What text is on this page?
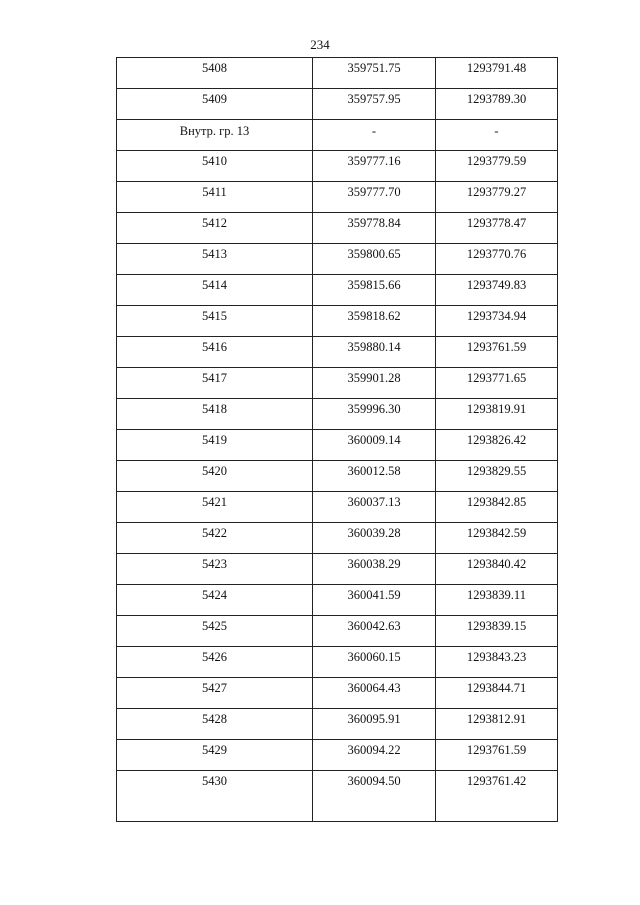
234
5408	359751.75	1293791.48

5409	359757.95	1293789.30

Внутр. гр. 13	-	-

5410	359777.16	1293779.59

5411	359777.70	1293779.27

5412	359778.84	1293778.47

5413	359800.65	1293770.76

5414	359815.66	1293749.83

5415	359818.62	1293734.94

5416	359880.14	1293761.59

5417	359901.28	1293771.65

5418	359996.30	1293819.91

5419	360009.14	1293826.42

5420	360012.58	1293829.55

5421	360037.13	1293842.85

5422	360039.28	1293842.59

5423	360038.29	1293840.42

5424	360041.59	1293839.11

5425	360042.63	1293839.15

5426	360060.15	1293843.23

5427	360064.43	1293844.71

5428	360095.91	1293812.91

5429	360094.22	1293761.59

5430	360094.50	1293761.42
